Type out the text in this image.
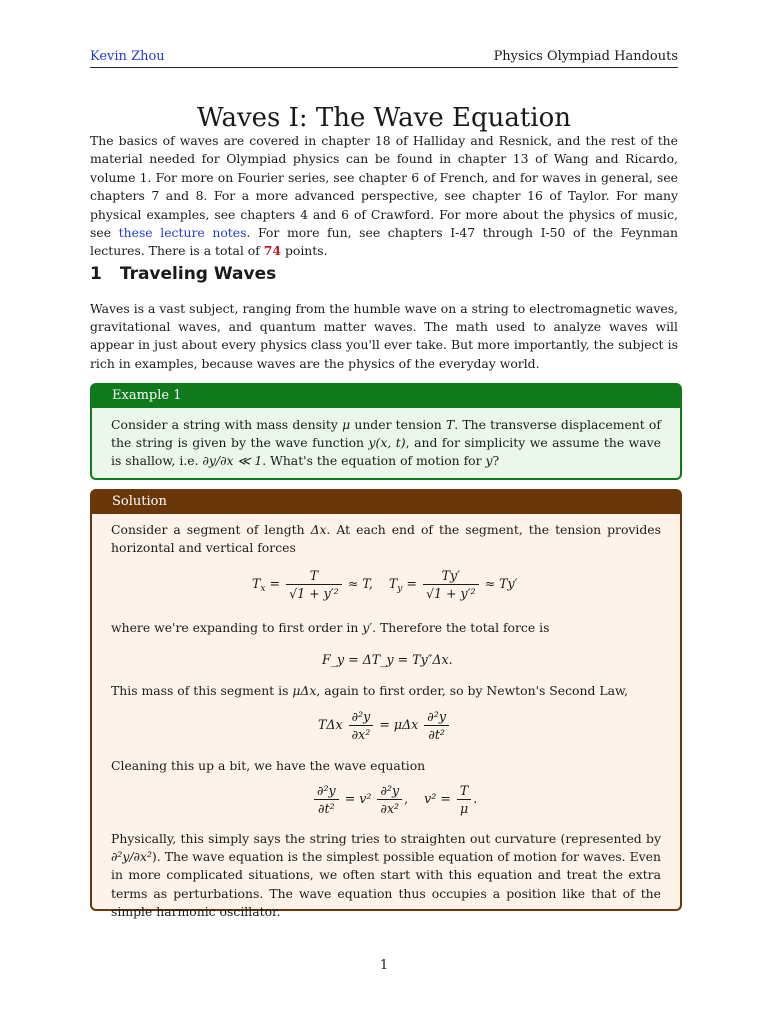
Kevin Zhou	Physics Olympiad Handouts
Waves I: The Wave Equation

The basics of waves are covered in chapter 18 of Halliday and Resnick, and the rest of the material needed for Olympiad physics can be found in chapter 13 of Wang and Ricardo, volume 1. For more on Fourier series, see chapter 6 of French, and for waves in general, see chapters 7 and 8. For a more advanced perspective, see chapter 16 of Taylor. For many physical examples, see chapters 4 and 6 of Crawford. For more about the physics of music, see these lecture notes. For more fun, see chapters I-47 through I-50 of the Feynman lectures. There is a total of 74 points.

1 Traveling Waves

Waves is a vast subject, ranging from the humble wave on a string to electromagnetic waves, gravitational waves, and quantum matter waves. The math used to analyze waves will appear in just about every physics class you'll ever take. But more importantly, the subject is rich in examples, because waves are the physics of the everyday world.

Example 1
Consider a string with mass density μ under tension T. The transverse displacement of the string is given by the wave function y(x, t), and for simplicity we assume the wave is shallow, i.e. ∂y/∂x ≪ 1. What's the equation of motion for y?
Solution
Consider a segment of length Δx. At each end of the segment, the tension provides horizontal and vertical forces
$T_x = \frac{T}{\text{√1 + y′²}} \approx T$, $T_y = \frac{Ty'}{\text{√1 + y′²}} \approx Ty'$
where we're expanding to first order in y′. Therefore the total force is
F_y = ΔT_y = Ty″Δx.
This mass of this segment is μΔx, again to first order, so by Newton's Second Law,
TΔx $\frac{\text{∂²y}}{\text{∂x²}} = \mu\Delta x \frac{\text{∂²y}}{\text{∂t²}}$
Cleaning this up a bit, we have the wave equation
$\frac{\text{∂²y}}{\text{∂t²}} = v^2 \frac{\text{∂²y}}{\text{∂x²}}$ , $v^2 = \frac{T}{\mu}$ .
Physically, this simply says the string tries to straighten out curvature (represented by ∂²y/∂x²). The wave equation is the simplest possible equation of motion for waves. Even in more complicated situations, we often start with this equation and treat the extra terms as perturbations. The wave equation thus occupies a position like that of the simple harmonic oscillator.
1
